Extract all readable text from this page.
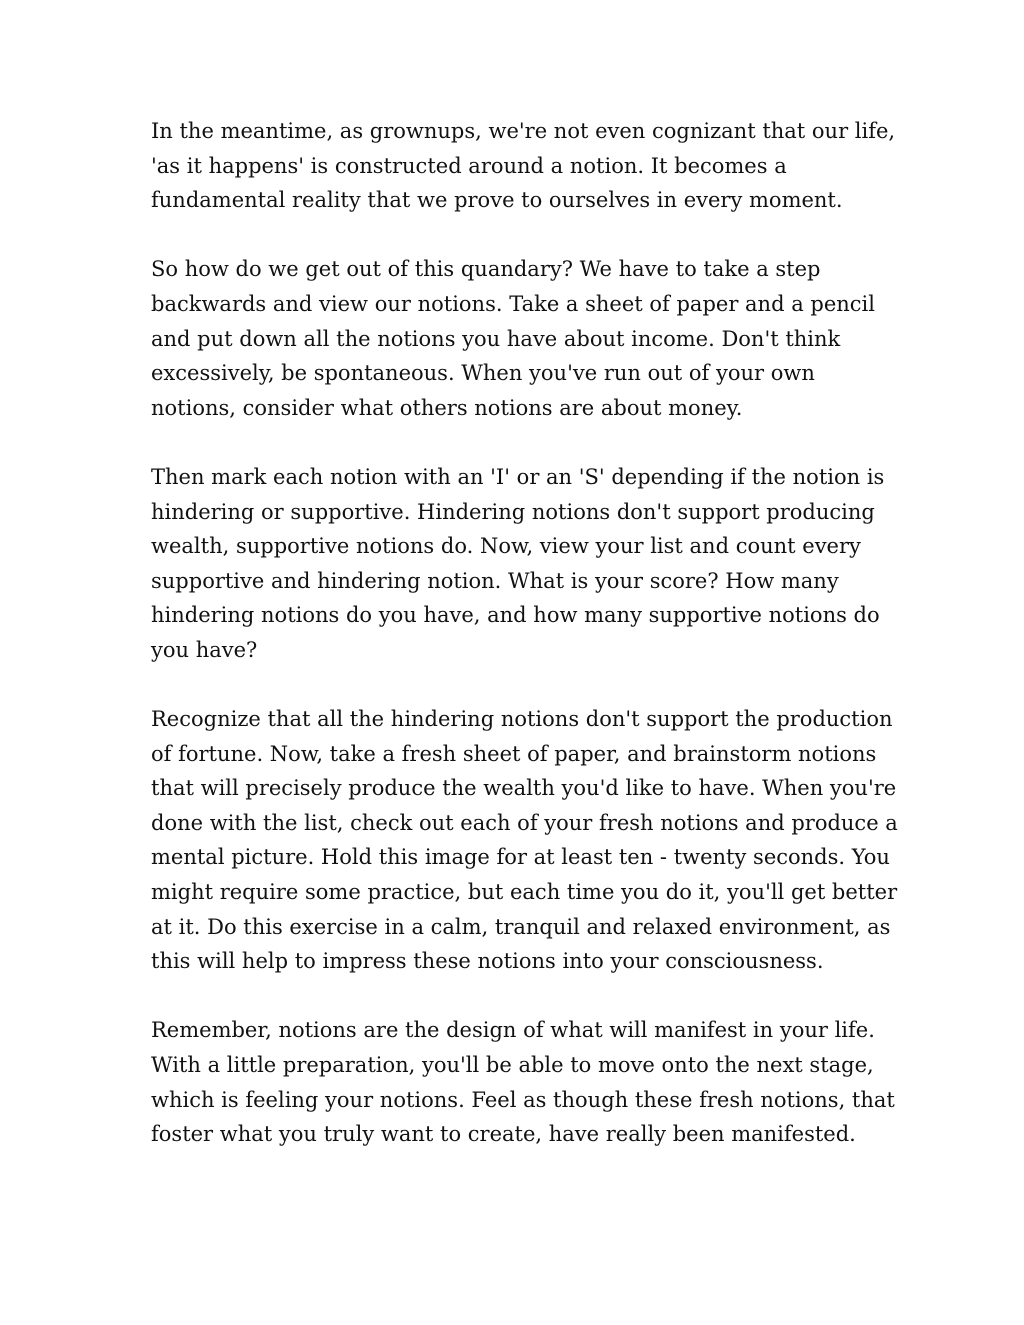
In the meantime, as grownups, we're not even cognizant that our life,
'as it happens' is constructed around a notion. It becomes a
fundamental reality that we prove to ourselves in every moment.

So how do we get out of this quandary? We have to take a step
backwards and view our notions. Take a sheet of paper and a pencil
and put down all the notions you have about income. Don't think
excessively, be spontaneous. When you've run out of your own
notions, consider what others notions are about money.

Then mark each notion with an 'I' or an 'S' depending if the notion is
hindering or supportive. Hindering notions don't support producing
wealth, supportive notions do. Now, view your list and count every
supportive and hindering notion. What is your score? How many
hindering notions do you have, and how many supportive notions do
you have?

Recognize that all the hindering notions don't support the production
of fortune. Now, take a fresh sheet of paper, and brainstorm notions
that will precisely produce the wealth you'd like to have. When you're
done with the list, check out each of your fresh notions and produce a
mental picture. Hold this image for at least ten - twenty seconds. You
might require some practice, but each time you do it, you'll get better
at it. Do this exercise in a calm, tranquil and relaxed environment, as
this will help to impress these notions into your consciousness.

Remember, notions are the design of what will manifest in your life.
With a little preparation, you'll be able to move onto the next stage,
which is feeling your notions. Feel as though these fresh notions, that
foster what you truly want to create, have really been manifested.
